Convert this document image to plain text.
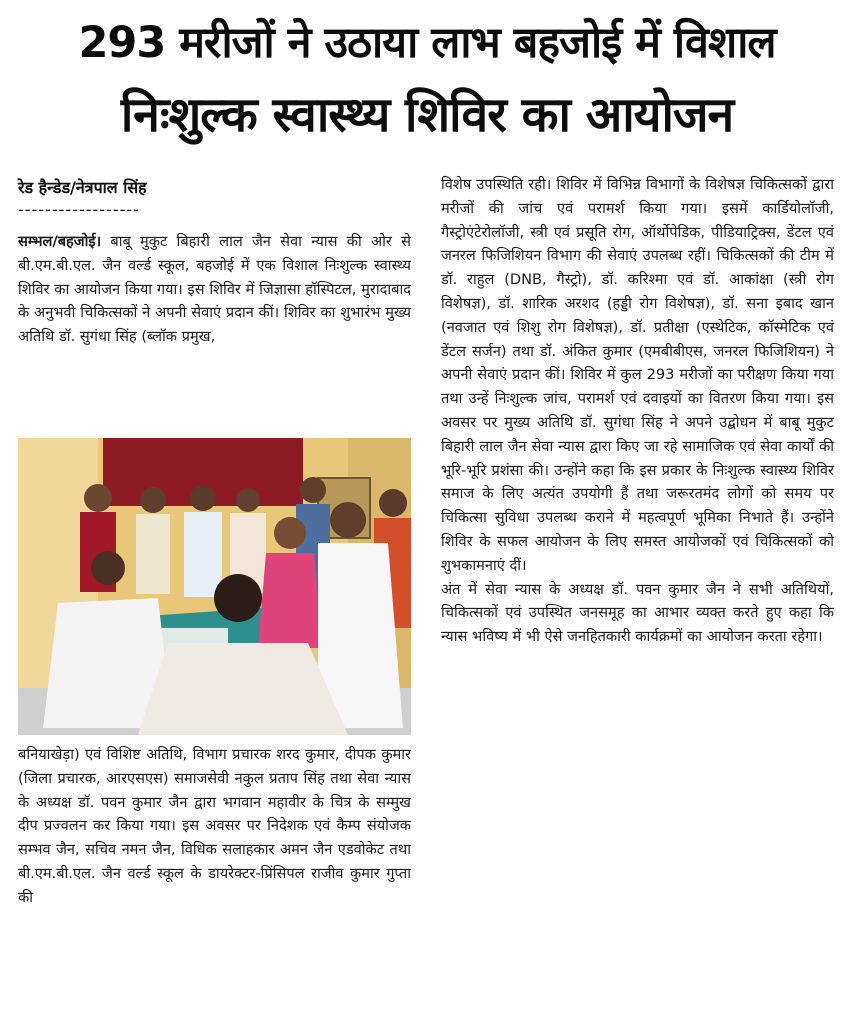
293 मरीजों ने उठाया लाभ बहजोई में विशाल
निःशुल्क स्वास्थ्य शिविर का आयोजन
रेड हैन्डेड/नेत्रपाल सिंह
------------------

सम्भल/बहजोई। बाबू मुकुट बिहारी लाल जैन सेवा न्यास की ओर से बी.एम.बी.एल. जैन वर्ल्ड स्कूल, बहजोई में एक विशाल निःशुल्क स्वास्थ्य शिविर का आयोजन किया गया। इस शिविर में जिज्ञासा हॉस्पिटल, मुरादाबाद के अनुभवी चिकित्सकों ने अपनी सेवाएं प्रदान कीं। शिविर का शुभारंभ मुख्य अतिथि डॉ. सुगंधा सिंह (ब्लॉक प्रमुख,

बनियाखेड़ा) एवं विशिष्ट अतिथि, विभाग प्रचारक शरद कुमार, दीपक कुमार (जिला प्रचारक, आरएसएस) समाजसेवी नकुल प्रताप सिंह तथा सेवा न्यास के अध्यक्ष डॉ. पवन कुमार जैन द्वारा भगवान महावीर के चित्र के सम्मुख दीप प्रज्वलन कर किया गया। इस अवसर पर निदेशक एवं कैम्प संयोजक सम्भव जैन, सचिव नमन जैन, विधिक सलाहकार अमन जैन एडवोकेट तथा बी.एम.बी.एल. जैन वर्ल्ड स्कूल के डायरेक्टर-प्रिंसिपल राजीव कुमार गुप्ता की

विशेष उपस्थिति रही। शिविर में विभिन्न विभागों के विशेषज्ञ चिकित्सकों द्वारा मरीजों की जांच एवं परामर्श किया गया। इसमें कार्डियोलॉजी, गैस्ट्रोएंटेरोलॉजी, स्त्री एवं प्रसूति रोग, ऑर्थोपेडिक, पीडियाट्रिक्स, डेंटल एवं जनरल फिजिशियन विभाग की सेवाएं उपलब्ध रहीं। चिकित्सकों की टीम में डॉ. राहुल (DNB, गैस्ट्रो), डॉ. करिश्मा एवं डॉ. आकांक्षा (स्त्री रोग विशेषज्ञ), डॉ. शारिक अरशद (हड्डी रोग विशेषज्ञ), डॉ. सना इबाद खान (नवजात एवं शिशु रोग विशेषज्ञ), डॉ. प्रतीक्षा (एस्थेटिक, कॉस्मेटिक एवं डेंटल सर्जन) तथा डॉ. अंकित कुमार (एमबीबीएस, जनरल फिजिशियन) ने अपनी सेवाएं प्रदान कीं। शिविर में कुल 293 मरीजों का परीक्षण किया गया तथा उन्हें निःशुल्क जांच, परामर्श एवं दवाइयों का वितरण किया गया। इस अवसर पर मुख्य अतिथि डॉ. सुगंधा सिंह ने अपने उद्बोधन में बाबू मुकुट बिहारी लाल जैन सेवा न्यास द्वारा किए जा रहे सामाजिक एवं सेवा कार्यों की भूरि-भूरि प्रशंसा की। उन्होंने कहा कि इस प्रकार के निःशुल्क स्वास्थ्य शिविर समाज के लिए अत्यंत उपयोगी हैं तथा जरूरतमंद लोगों को समय पर चिकित्सा सुविधा उपलब्ध कराने में महत्वपूर्ण भूमिका निभाते हैं। उन्होंने शिविर के सफल आयोजन के लिए समस्त आयोजकों एवं चिकित्सकों को शुभकामनाएं दीं।

अंत में सेवा न्यास के अध्यक्ष डॉ. पवन कुमार जैन ने सभी अतिथियों, चिकित्सकों एवं उपस्थित जनसमूह का आभार व्यक्त करते हुए कहा कि न्यास भविष्य में भी ऐसे जनहितकारी कार्यक्रमों का आयोजन करता रहेगा।
